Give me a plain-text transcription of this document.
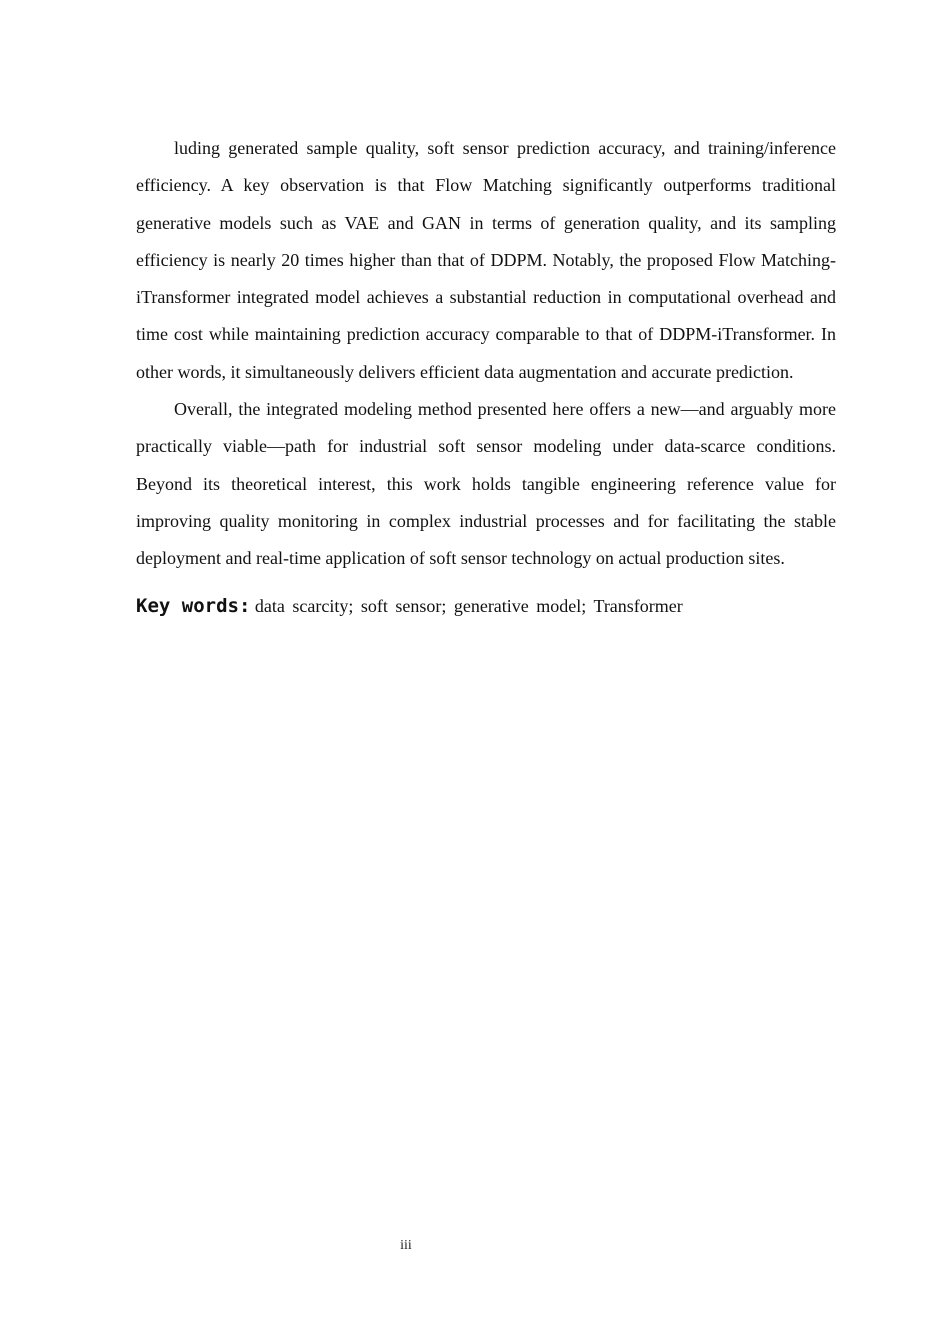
luding generated sample quality, soft sensor prediction accuracy, and training/inference efficiency. A key observation is that Flow Matching significantly outperforms traditional generative models such as VAE and GAN in terms of generation quality, and its sampling efficiency is nearly 20 times higher than that of DDPM. Notably, the proposed Flow Matching-iTransformer integrated model achieves a substantial reduction in computational overhead and time cost while maintaining prediction accuracy comparable to that of DDPM-iTransformer. In other words, it simultaneously delivers efficient data augmentation and accurate prediction.

Overall, the integrated modeling method presented here offers a new—and arguably more practically viable—path for industrial soft sensor modeling under data-scarce conditions. Beyond its theoretical interest, this work holds tangible engineering reference value for improving quality monitoring in complex industrial processes and for facilitating the stable deployment and real-time application of soft sensor technology on actual production sites.

Key words: data scarcity; soft sensor; generative model; Transformer

iii
